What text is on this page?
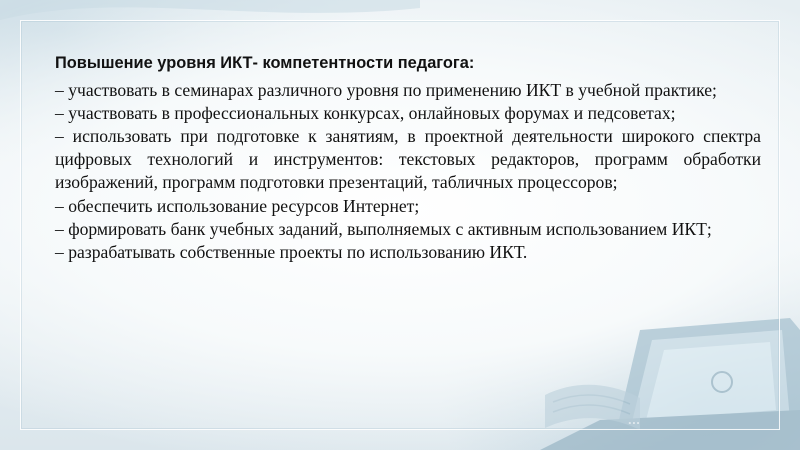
Повышение уровня ИКТ- компетентности педагога:

– участвовать в семинарах различного уровня по применению ИКТ в учебной практике;

– участвовать в профессиональных конкурсах, онлайновых форумах и педсоветах;

– использовать при подготовке к занятиям, в проектной деятельности широкого спектра цифровых технологий и инструментов: текстовых редакторов, программ обработки изображений, программ подготовки презентаций, табличных процессоров;

– обеспечить использование ресурсов Интернет;

– формировать банк учебных заданий, выполняемых с активным использованием ИКТ;

– разрабатывать собственные проекты по использованию ИКТ.

...
